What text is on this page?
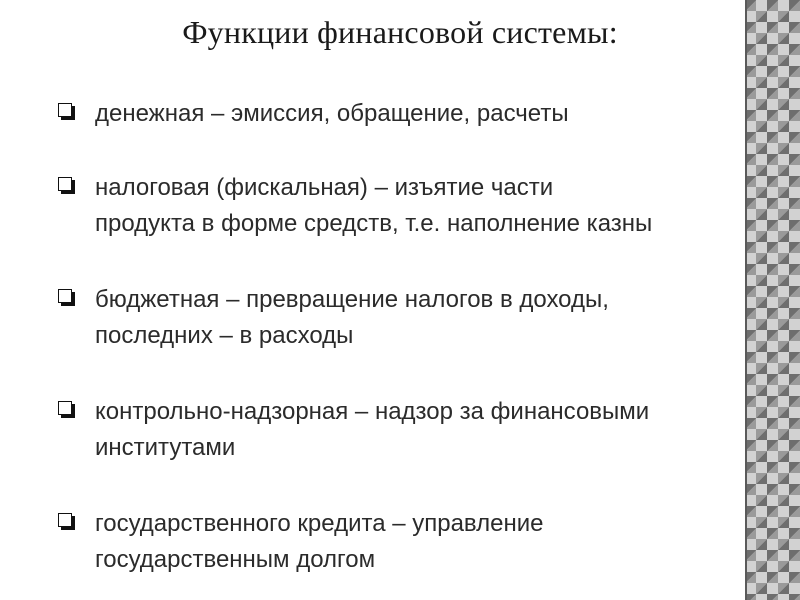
Функции финансовой системы:
денежная – эмиссия, обращение, расчеты
налоговая (фискальная) – изъятие части
продукта в форме средств, т.е. наполнение казны
бюджетная – превращение налогов в доходы,
последних – в расходы
контрольно-надзорная – надзор за финансовыми
институтами
государственного кредита – управление
государственным долгом
